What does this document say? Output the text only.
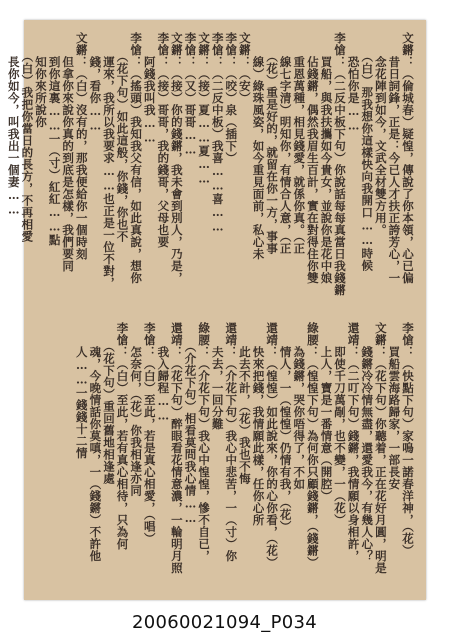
文鏘：（倫城春）疑惶，傳說了你本領，心已偏
　　昔日詞鋒，正是：今已人才扶正誇芳心，一
　　念花陣到如今，文武全材雙方用。
　　（白）那我想你這樣快向我開口……時候
　　恐怕你是……
李愴：（二反中板下句）你說話每每真當日我錢鏘
　　買船，與我扶攜如今貴女，並說你是花中娘
　　佔錢鏘，偶然我眉生百計，實在對得住你雙
　　重恩萬種，相見錢愛，就係你真。（正
　　線七字清）明知你，有情合人意，（正
　　（花）重是好的，就留在你一方，事事
　　線）綠珠風姿，如今重見面前，私心未
文鏘：（安）
李愴：（咬）泉（插下）
李愴：（二反中板）我喜……喜……
文鏘：（接）夏……夏……
李愴：（又）哥哥……
文鏘：（接）你的錢鏘，我未會到別人，乃是，
李愴：（接）哥哥，我的錢哥，父母也要
　　阿錢我叫我……
李愴：（搖頭）我知我父有信，如此真說，想你
　　（花下句）如此這般，你錢，你也不
　　運來，我所以我要求……也正是一位不對，
　　錢，看你……
文鏘：（白）沒有的，那我便給你一個時刻
　　但拿你來說你真的到底是怎樣，我們要同
　　到你這裏……一（寸）紅紅……點
　　知你來所說你
　　（白）我把你當日的長方，不再相愛
　　長你如今，叫我出一個妻……
李愴：（快點下句）家嗚一諾春洋神，（花）
　　買船雲海路歸家，一部長安
文鏘：（花下句）你聽着，正在花好月圓，明是
　　錢鏘冷冷情無盡，還愛我今，有幾人心？
還靖：（二叮下句）錢鏘，我情願以身相許，
　　即使千刀萬剮，也不變，一（花）
　　上人，寶是一番情意（開腔）
綠腰：（惶惶下句）為何你只顧錢鏘，（錢鏘）
　　為錢鏘，哭你唔得了，不如
　　情人，一（惶惶）仍情有我，（花）
還靖：（惶惶）如此說來，你的心你看，（花）
　　快來把錢，我情願此樣，任你心所
　　此去不計，（花）我也不悔
還靖：（介花下句）我心中悲苦，一（寸）你
　　夫去，一回分難
綠腰：（介花下句）我心中惶惶，慘不自已，
　　（介花下句）相看莫問我心情……
還靖：（花下句）醉眼看花情意濃，一輪明月照
　　我入歸程……
李愴：（白）至此，若是真心相愛，（唱）
　　怎奈何，（花）你我相逢亦同
李愴：（白）至此，若有真心相待，只為何
　　（花下句）重回舊地相逢處
　　魂，今晚情話你莫嗔，一（錢鏘）不許他
　　人……一錢錢十二情
20060021094_P034
